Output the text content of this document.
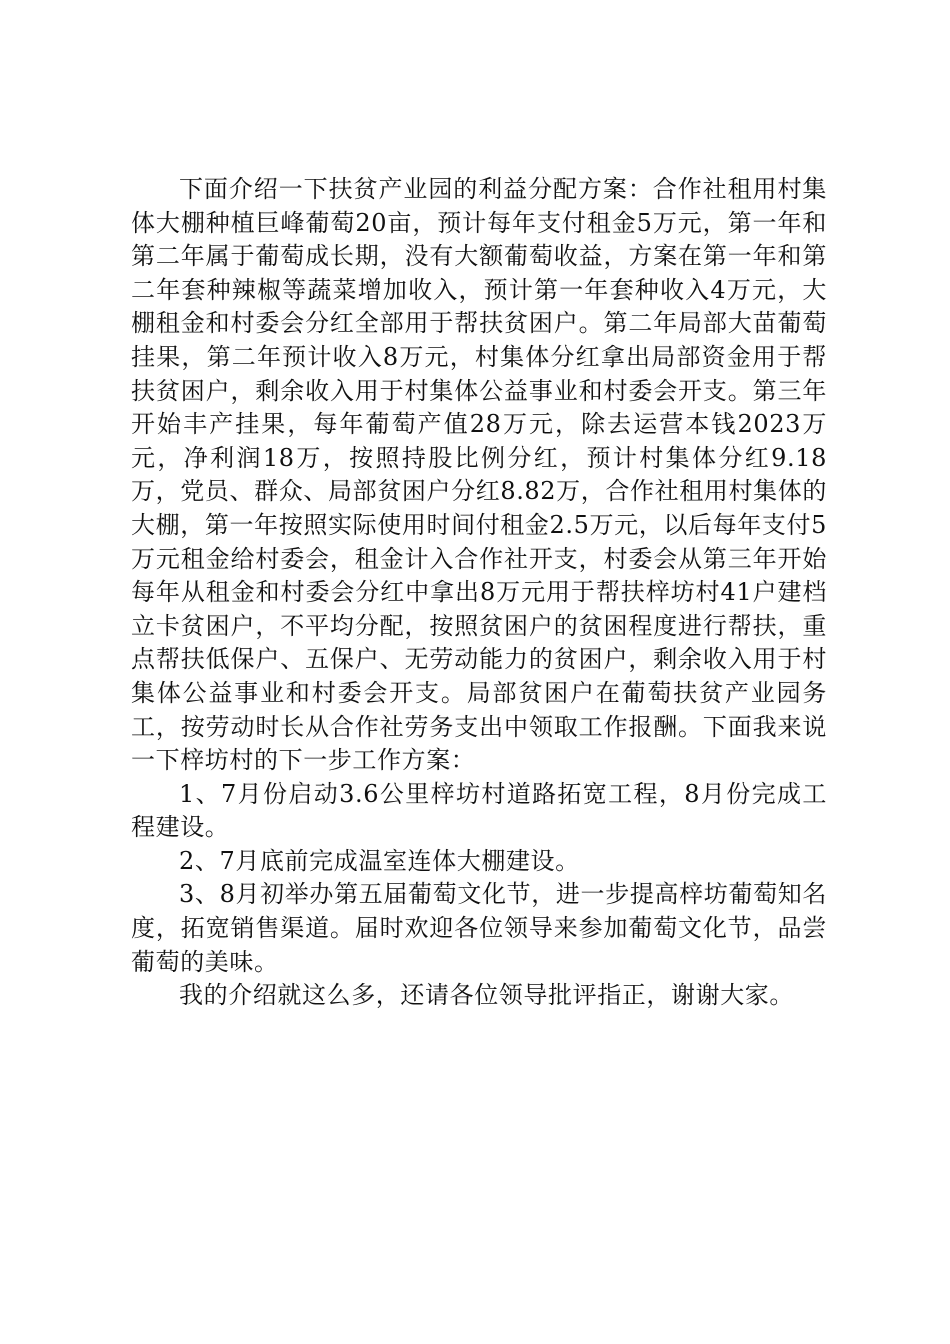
下面介绍一下扶贫产业园的利益分配方案：合作社租用村集体大棚种植巨峰葡萄20亩，预计每年支付租金5万元，第一年和第二年属于葡萄成长期，没有大额葡萄收益，方案在第一年和第二年套种辣椒等蔬菜增加收入，预计第一年套种收入4万元，大棚租金和村委会分红全部用于帮扶贫困户。第二年局部大苗葡萄挂果，第二年预计收入8万元，村集体分红拿出局部资金用于帮扶贫困户，剩余收入用于村集体公益事业和村委会开支。第三年开始丰产挂果，每年葡萄产值28万元，除去运营本钱2023万元，净利润18万，按照持股比例分红，预计村集体分红9.18万，党员、群众、局部贫困户分红8.82万，合作社租用村集体的大棚，第一年按照实际使用时间付租金2.5万元，以后每年支付5万元租金给村委会，租金计入合作社开支，村委会从第三年开始每年从租金和村委会分红中拿出8万元用于帮扶梓坊村41户建档立卡贫困户，不平均分配，按照贫困户的贫困程度进行帮扶，重点帮扶低保户、五保户、无劳动能力的贫困户，剩余收入用于村集体公益事业和村委会开支。局部贫困户在葡萄扶贫产业园务工，按劳动时长从合作社劳务支出中领取工作报酬。下面我来说一下梓坊村的下一步工作方案：

1、7月份启动3.6公里梓坊村道路拓宽工程，8月份完成工程建设。

2、7月底前完成温室连体大棚建设。

3、8月初举办第五届葡萄文化节，进一步提高梓坊葡萄知名度，拓宽销售渠道。届时欢迎各位领导来参加葡萄文化节，品尝葡萄的美味。

我的介绍就这么多，还请各位领导批评指正，谢谢大家。
